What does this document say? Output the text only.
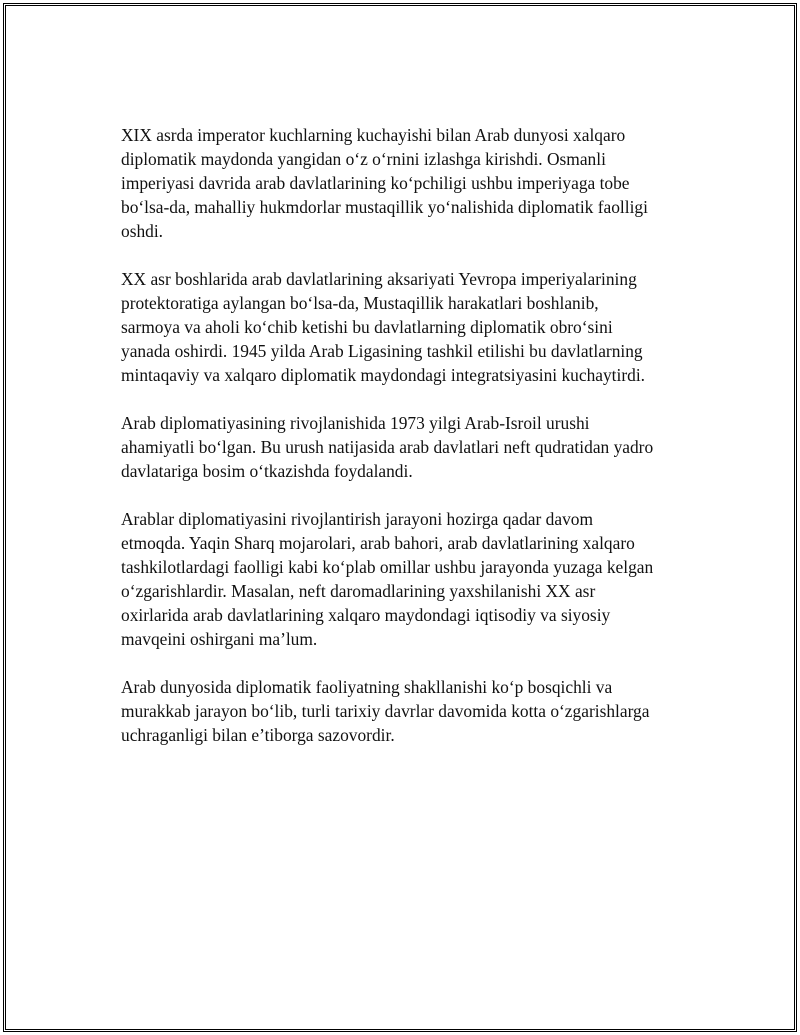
XIX asrda imperator kuchlarning kuchayishi bilan Arab dunyosi xalqaro
diplomatik maydonda yangidan o‘z o‘rnini izlashga kirishdi. Osmanli
imperiyasi davrida arab davlatlarining ko‘pchiligi ushbu imperiyaga tobe
bo‘lsa-da, mahalliy hukmdorlar mustaqillik yo‘nalishida diplomatik faolligi
oshdi.

XX asr boshlarida arab davlatlarining aksariyati Yevropa imperiyalarining
protektoratiga aylangan bo‘lsa-da, Mustaqillik harakatlari boshlanib,
sarmoya va aholi ko‘chib ketishi bu davlatlarning diplomatik obro‘sini
yanada oshirdi. 1945 yilda Arab Ligasining tashkil etilishi bu davlatlarning
mintaqaviy va xalqaro diplomatik maydondagi integratsiyasini kuchaytirdi.

Arab diplomatiyasining rivojlanishida 1973 yilgi Arab-Isroil urushi
ahamiyatli bo‘lgan. Bu urush natijasida arab davlatlari neft qudratidan yadro
davlatariga bosim o‘tkazishda foydalandi.

Arablar diplomatiyasini rivojlantirish jarayoni hozirga qadar davom
etmoqda. Yaqin Sharq mojarolari, arab bahori, arab davlatlarining xalqaro
tashkilotlardagi faolligi kabi ko‘plab omillar ushbu jarayonda yuzaga kelgan
o‘zgarishlardir. Masalan, neft daromadlarining yaxshilanishi XX asr
oxirlarida arab davlatlarining xalqaro maydondagi iqtisodiy va siyosiy
mavqeini oshirgani ma’lum.

Arab dunyosida diplomatik faoliyatning shakllanishi ko‘p bosqichli va
murakkab jarayon bo‘lib, turli tarixiy davrlar davomida kotta o‘zgarishlarga
uchraganligi bilan e’tiborga sazovordir.
